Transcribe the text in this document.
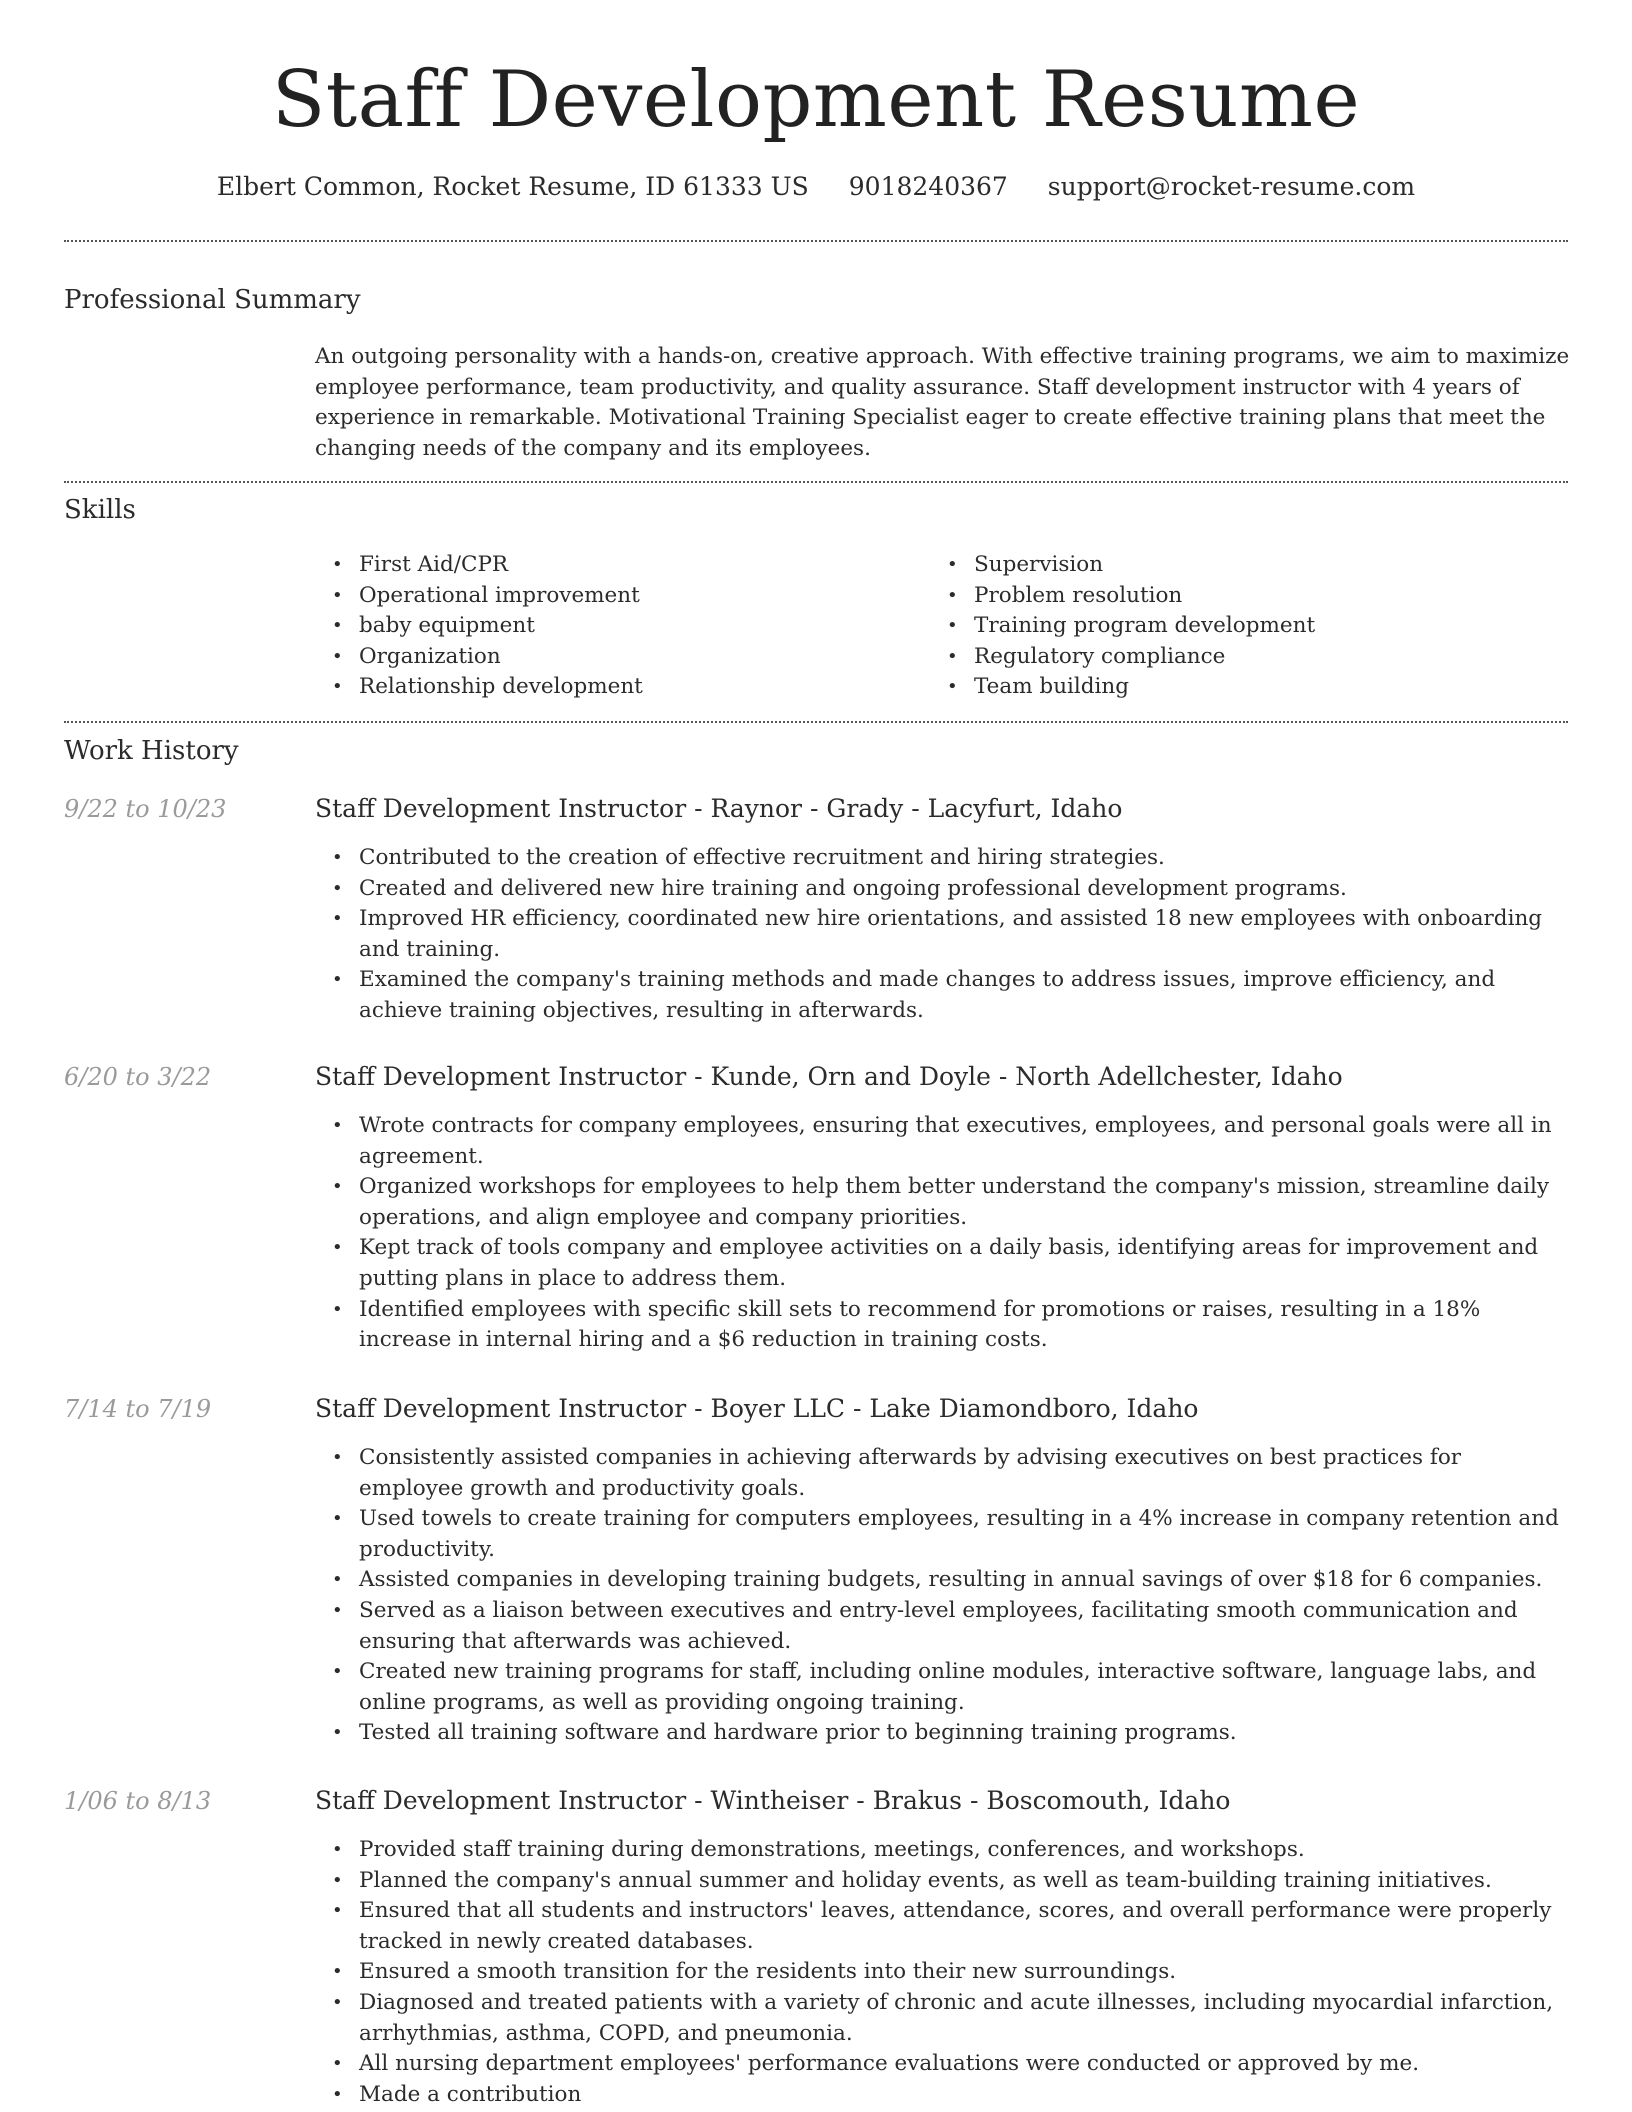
Staff Development Resume
Elbert Common, Rocket Resume, ID 61333 US 9018240367 support@rocket-resume.com
Professional Summary
An outgoing personality with a hands-on, creative approach. With effective training programs, we aim to maximize employee performance, team productivity, and quality assurance. Staff development instructor with 4 years of experience in remarkable. Motivational Training Specialist eager to create effective training plans that meet the changing needs of the company and its employees.
Skills
• First Aid/CPR
• Operational improvement
• baby equipment
• Organization
• Relationship development
• Supervision
• Problem resolution
• Training program development
• Regulatory compliance
• Team building
Work History
9/22 to 10/23	Staff Development Instructor - Raynor - Grady - Lacyfurt, Idaho
• Contributed to the creation of effective recruitment and hiring strategies.
• Created and delivered new hire training and ongoing professional development programs.
• Improved HR efficiency, coordinated new hire orientations, and assisted 18 new employees with onboarding and training.
• Examined the company's training methods and made changes to address issues, improve efficiency, and achieve training objectives, resulting in afterwards.
6/20 to 3/22	Staff Development Instructor - Kunde, Orn and Doyle - North Adellchester, Idaho
• Wrote contracts for company employees, ensuring that executives, employees, and personal goals were all in agreement.
• Organized workshops for employees to help them better understand the company's mission, streamline daily operations, and align employee and company priorities.
• Kept track of tools company and employee activities on a daily basis, identifying areas for improvement and putting plans in place to address them.
• Identified employees with specific skill sets to recommend for promotions or raises, resulting in a 18% increase in internal hiring and a $6 reduction in training costs.
7/14 to 7/19	Staff Development Instructor - Boyer LLC - Lake Diamondboro, Idaho
• Consistently assisted companies in achieving afterwards by advising executives on best practices for employee growth and productivity goals.
• Used towels to create training for computers employees, resulting in a 4% increase in company retention and productivity.
• Assisted companies in developing training budgets, resulting in annual savings of over $18 for 6 companies.
• Served as a liaison between executives and entry-level employees, facilitating smooth communication and ensuring that afterwards was achieved.
• Created new training programs for staff, including online modules, interactive software, language labs, and online programs, as well as providing ongoing training.
• Tested all training software and hardware prior to beginning training programs.
1/06 to 8/13	Staff Development Instructor - Wintheiser - Brakus - Boscomouth, Idaho
• Provided staff training during demonstrations, meetings, conferences, and workshops.
• Planned the company's annual summer and holiday events, as well as team-building training initiatives.
• Ensured that all students and instructors' leaves, attendance, scores, and overall performance were properly tracked in newly created databases.
• Ensured a smooth transition for the residents into their new surroundings.
• Diagnosed and treated patients with a variety of chronic and acute illnesses, including myocardial infarction, arrhythmias, asthma, COPD, and pneumonia.
• All nursing department employees' performance evaluations were conducted or approved by me.
• Made a contribution
